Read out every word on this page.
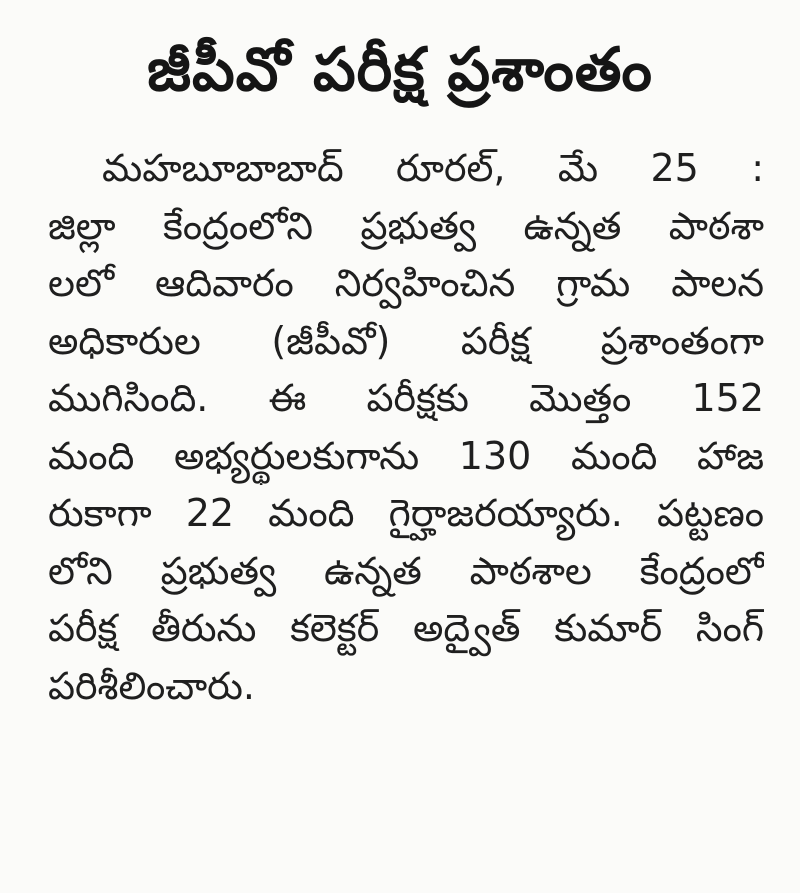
జీపీవో పరీక్ష ప్రశాంతం
మహబూబాబాద్ రూరల్, మే 25 :
జిల్లా కేంద్రంలోని ప్రభుత్వ ఉన్నత పాఠశా
లలో ఆదివారం నిర్వహించిన గ్రామ పాలన
అధికారుల (జీపీవో) పరీక్ష ప్రశాంతంగా
ముగిసింది. ఈ పరీక్షకు మొత్తం 152
మంది అభ్యర్థులకుగాను 130 మంది హాజ
రుకాగా 22 మంది గైర్హాజరయ్యారు. పట్టణం
లోని ప్రభుత్వ ఉన్నత పాఠశాల కేంద్రంలో
పరీక్ష తీరును కలెక్టర్ అద్వైత్ కుమార్ సింగ్
పరిశీలించారు.
